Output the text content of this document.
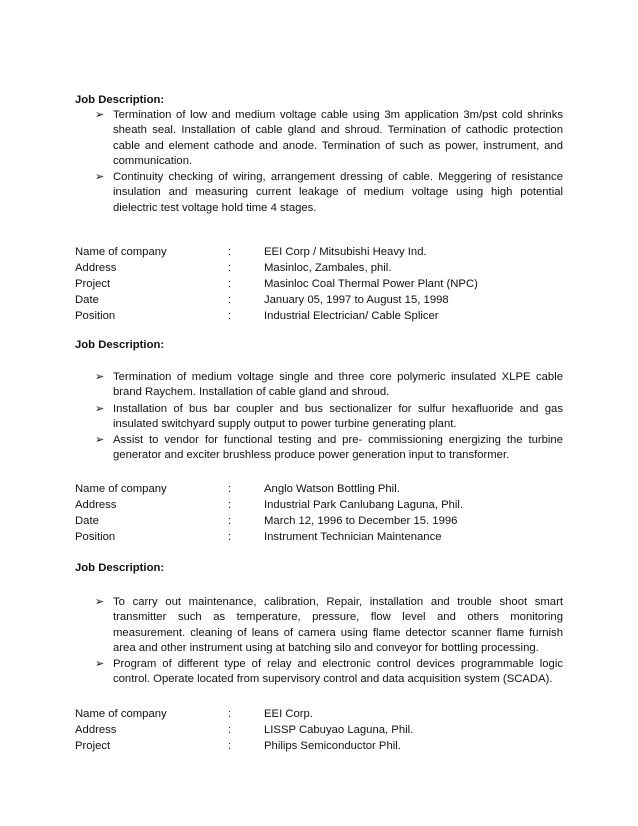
Job Description:
➢ Termination of low and medium voltage cable using 3m application 3m/pst cold shrinks sheath seal. Installation of cable gland and shroud. Termination of cathodic protection cable and element cathode and anode. Termination of such as power, instrument, and communication.
➢ Continuity checking of wiring, arrangement dressing of cable. Meggering of resistance insulation and measuring current leakage of medium voltage using high potential dielectric test voltage hold time 4 stages.
Name of company	:	EEI Corp / Mitsubishi Heavy Ind.
Address	:	Masinloc, Zambales, phil.
Project	:	Masinloc Coal Thermal Power Plant (NPC)
Date	:	January 05, 1997 to August 15, 1998
Position	:	Industrial Electrician/ Cable Splicer
Job Description:
➢ Termination of medium voltage single and three core polymeric insulated XLPE cable brand Raychem. Installation of cable gland and shroud.
➢ Installation of bus bar coupler and bus sectionalizer for sulfur hexafluoride and gas insulated switchyard supply output to power turbine generating plant.
➢ Assist to vendor for functional testing and pre- commissioning energizing the turbine generator and exciter brushless produce power generation input to transformer.
Name of company	:	Anglo Watson Bottling Phil.
Address	:	Industrial Park Canlubang Laguna, Phil.
Date	:	March 12, 1996 to December 15. 1996
Position	:	Instrument Technician Maintenance
Job Description:
➢ To carry out maintenance, calibration, Repair, installation and trouble shoot smart transmitter such as temperature, pressure, flow level and others monitoring measurement. cleaning of leans of camera using flame detector scanner flame furnish area and other instrument using at batching silo and conveyor for bottling processing.
➢ Program of different type of relay and electronic control devices programmable logic control. Operate located from supervisory control and data acquisition system (SCADA).
Name of company	:	EEI Corp.
Address	:	LISSP Cabuyao Laguna, Phil.
Project	:	Philips Semiconductor Phil.
